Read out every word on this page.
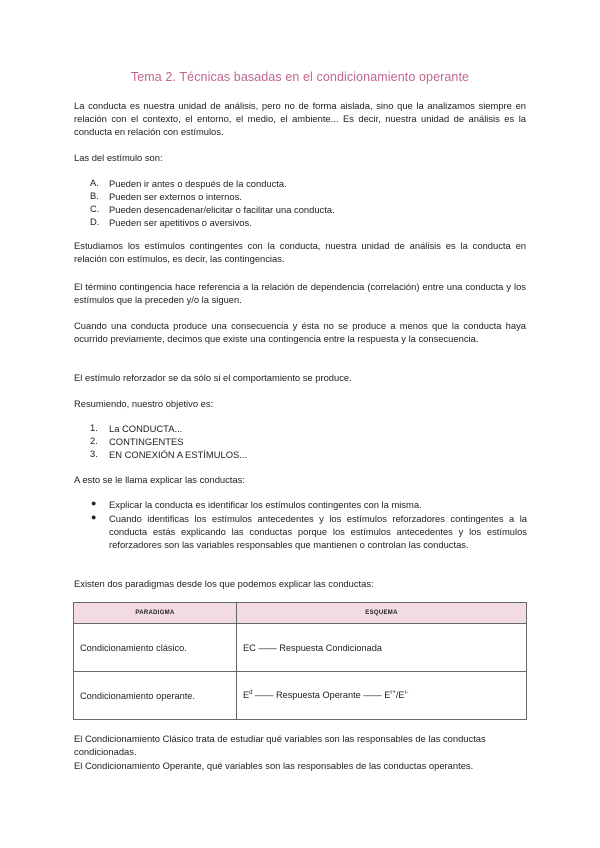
Tema 2. Técnicas basadas en el condicionamiento operante

La conducta es nuestra unidad de análisis, pero no de forma aislada, sino que la analizamos siempre en relación con el contexto, el entorno, el medio, el ambiente... Es decir, nuestra unidad de análisis es la conducta en relación con estímulos.

Las del estímulo son:

A. Pueden ir antes o después de la conducta.
B. Pueden ser externos o internos.
C. Pueden desencadenar/elicitar o facilitar una conducta.
D. Pueden ser apetitivos o aversivos.

Estudiamos los estímulos contingentes con la conducta, nuestra unidad de análisis es la conducta en relación con estímulos, es decir, las contingencias.

El término contingencia hace referencia a la relación de dependencia (correlación) entre una conducta y los estímulos que la preceden y/o la siguen.

Cuando una conducta produce una consecuencia y ésta no se produce a menos que la conducta haya ocurrido previamente, decimos que existe una contingencia entre la respuesta y la consecuencia.

El estímulo reforzador se da sólo si el comportamiento se produce.

Resumiendo, nuestro objetivo es:

1. La CONDUCTA...
2. CONTINGENTES
3. EN CONEXIÓN A ESTÍMULOS...

A esto se le llama explicar las conductas:

● Explicar la conducta es identificar los estímulos contingentes con la misma.
● Cuando identificas los estímulos antecedentes y los estímulos reforzadores contingentes a la conducta estás explicando las conductas porque los estímulos antecedentes y los estímulos reforzadores son las variables responsables que mantienen o controlan las conductas.

Existen dos paradigmas desde los que podemos explicar las conductas:

PARADIGMA	ESQUEMA
Condicionamiento clásico.	EC —— Respuesta Condicionada
Condicionamiento operante.	$E^d$ —— Respuesta Operante —— $E^{r+}/E^{r-}$

El Condicionamiento Clásico trata de estudiar qué variables son las responsables de las conductas condicionadas.

El Condicionamiento Operante, qué variables son las responsables de las conductas operantes.
